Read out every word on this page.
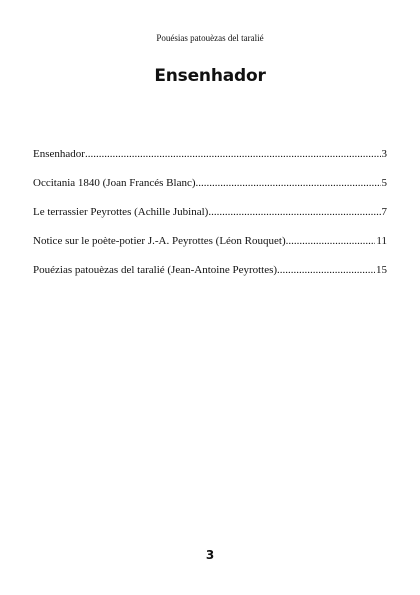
Pouésias patouèzas del taralié
Ensenhador
Ensenhador .....	3
Occitania 1840 (Joan Francés Blanc) .....	5
Le terrassier Peyrottes (Achille Jubinal) .....	7
Notice sur le poète-potier J.-A. Peyrottes (Léon Rouquet) .....	11
Pouézias patouèzas del taralié (Jean-Antoine Peyrottes) .....	15
3
